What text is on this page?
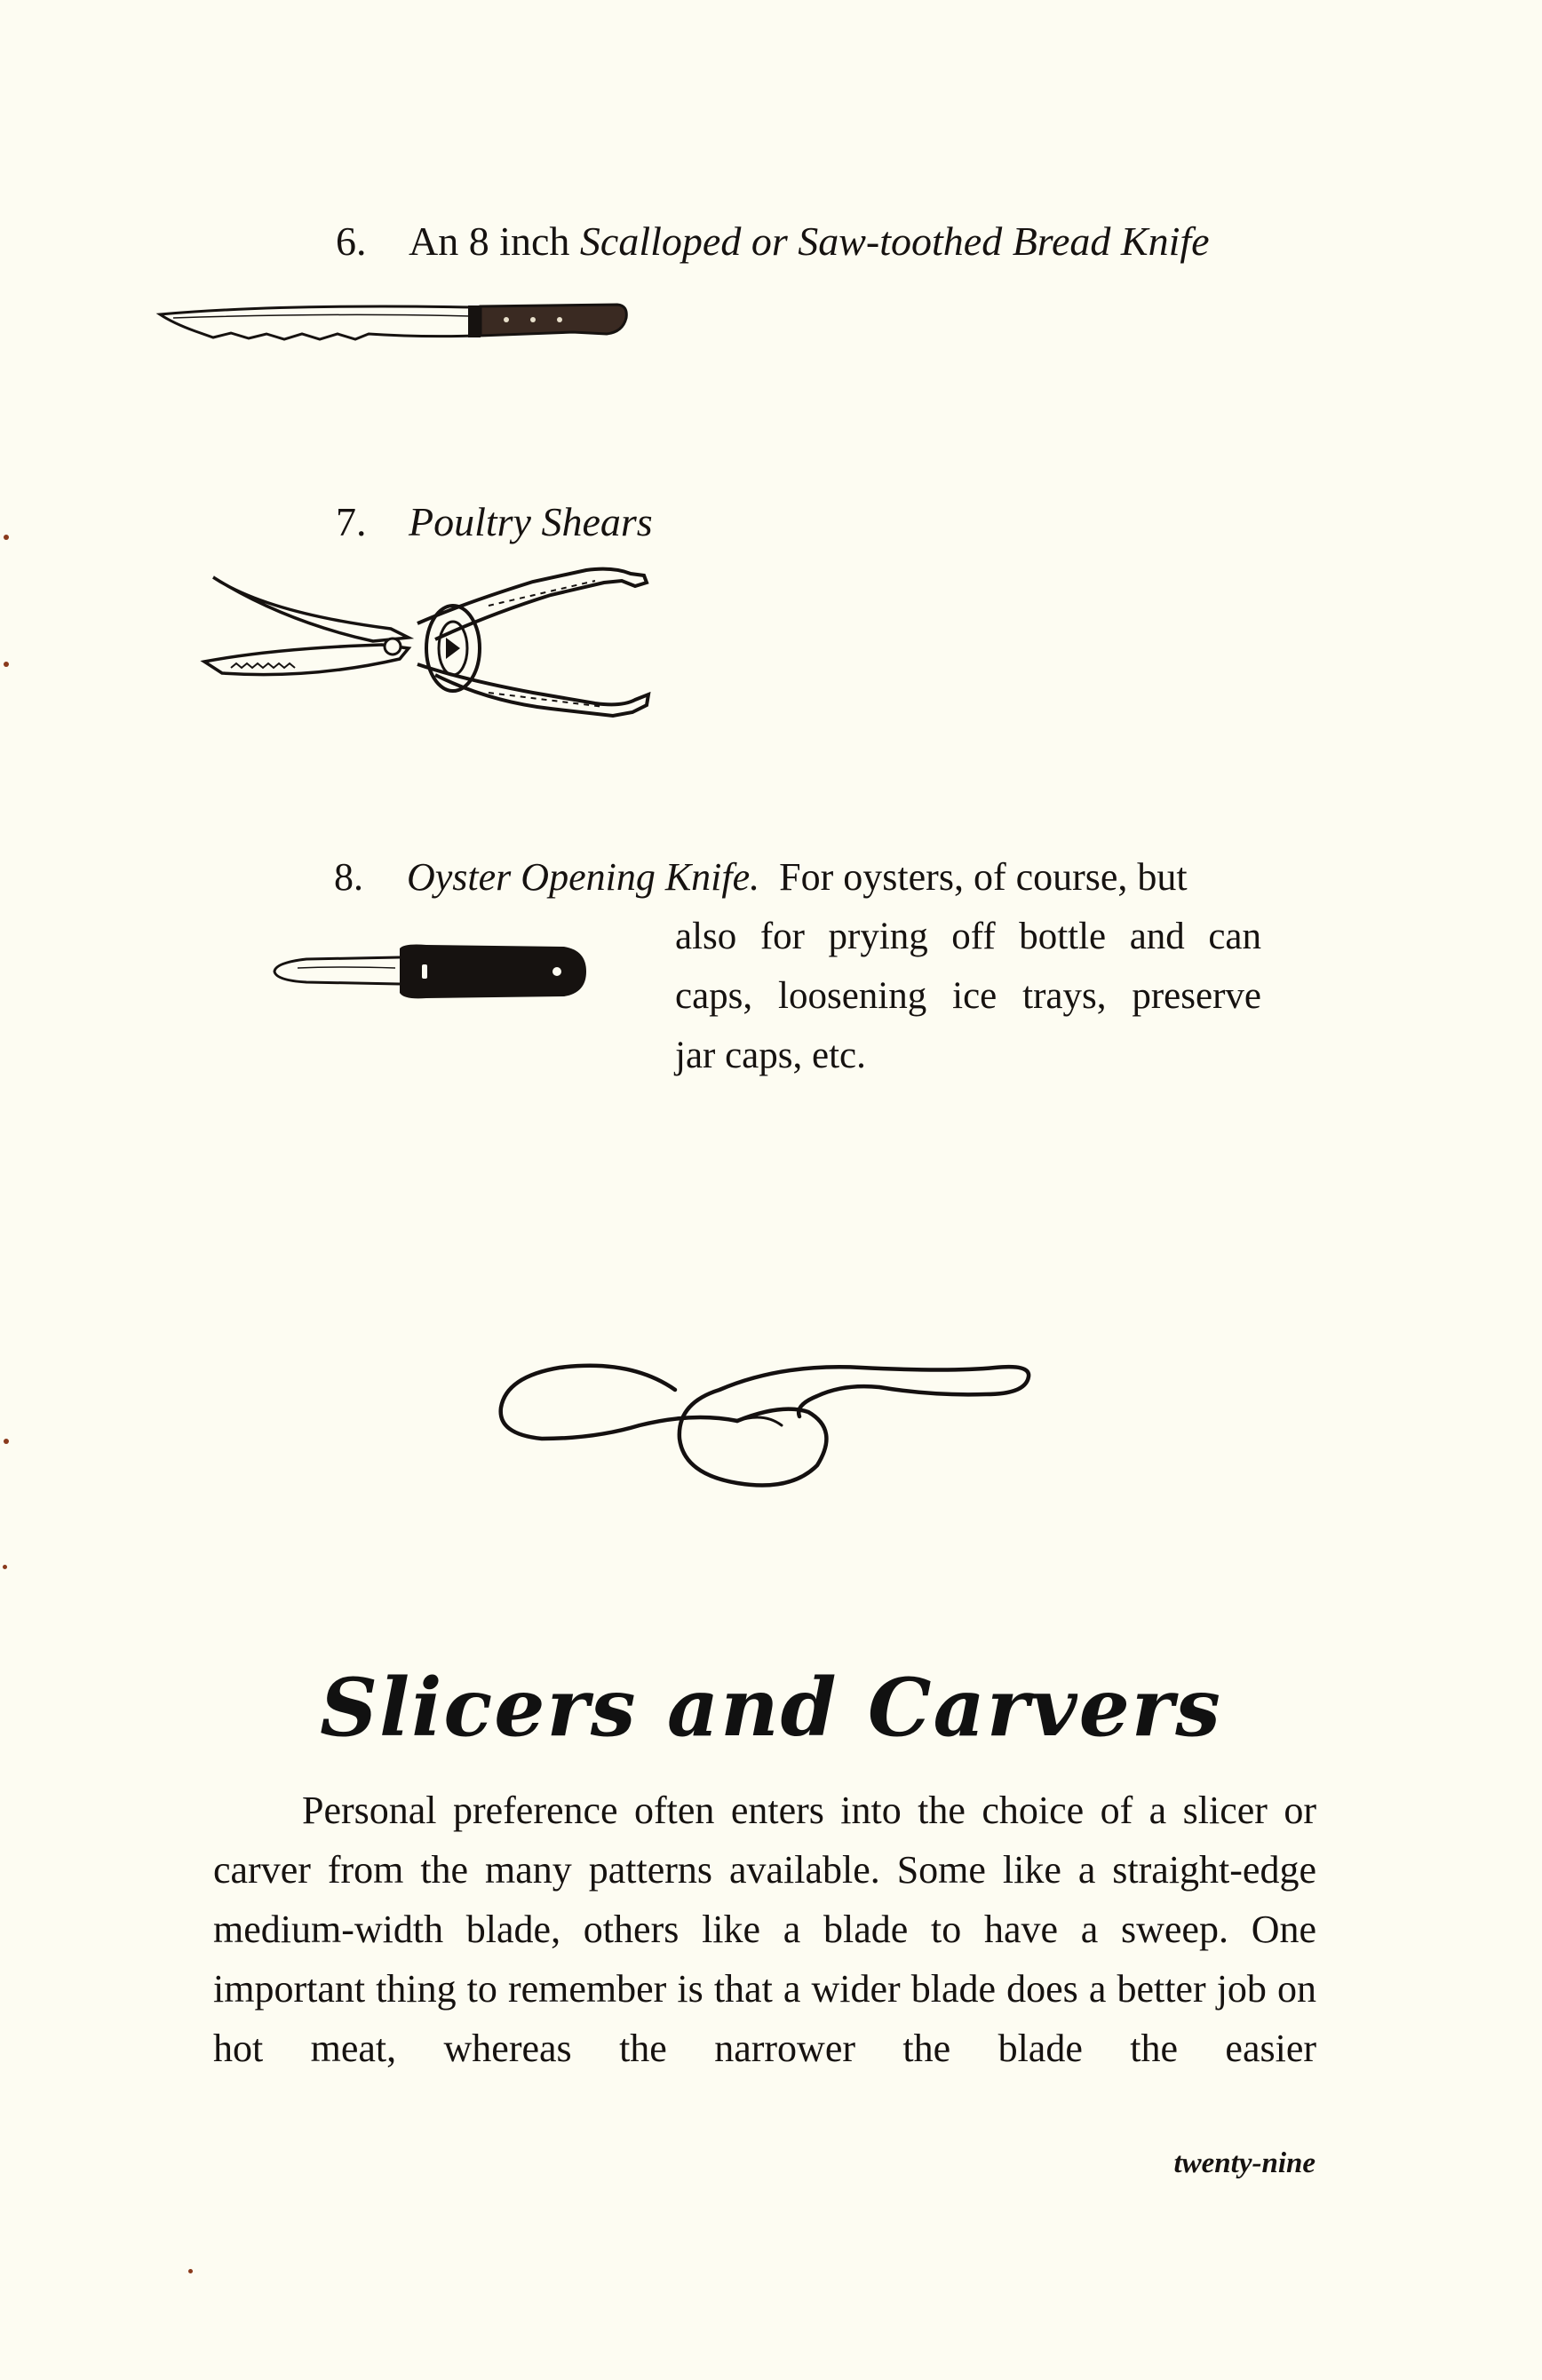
6. An 8 inch Scalloped or Saw-toothed Bread Knife
7. Poultry Shears
8. Oyster Opening Knife. For oysters, of course, but
also for prying off bottle and can caps, loosening ice trays, preserve
jar caps, etc.
Slicers and Carvers
Personal preference often enters into the choice of a slicer or carver from the many patterns available. Some like a straight-edge medium-width blade, others like a blade to have a sweep. One important thing to remember is that a wider blade does a better job on hot meat, whereas the narrower the blade the easier
twenty-nine
